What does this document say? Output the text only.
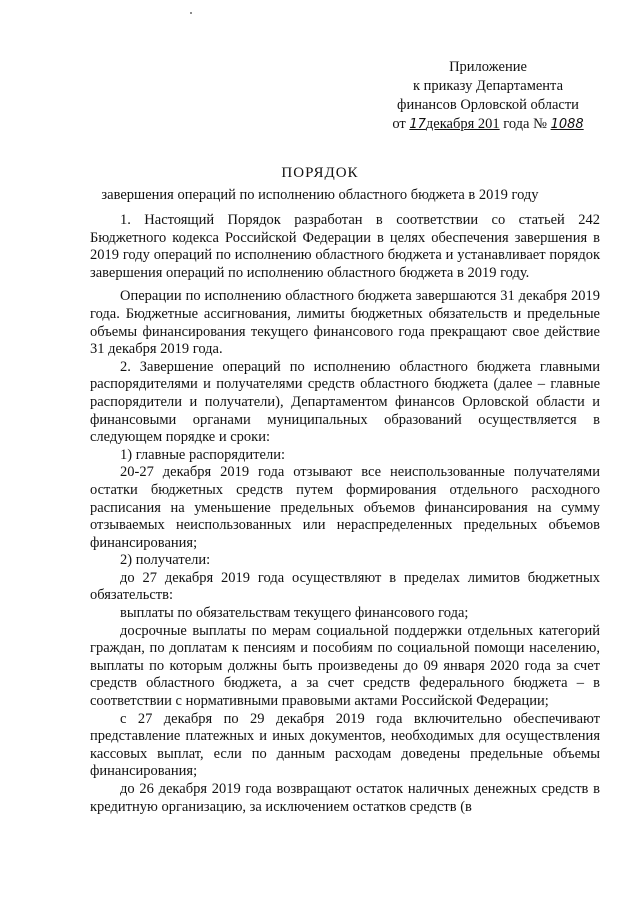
Приложение
к приказу Департамента
финансов Орловской области
от 17декабря 201 года № 1088
ПОРЯДОК
завершения операций по исполнению областного бюджета в 2019 году

1. Настоящий Порядок разработан в соответствии со статьей 242 Бюджетного кодекса Российской Федерации в целях обеспечения завершения в 2019 году операций по исполнению областного бюджета и устанавливает порядок завершения операций по исполнению областного бюджета в 2019 году.

Операции по исполнению областного бюджета завершаются 31 декабря 2019 года. Бюджетные ассигнования, лимиты бюджетных обязательств и предельные объемы финансирования текущего финансового года прекращают свое действие 31 декабря 2019 года.

2. Завершение операций по исполнению областного бюджета главными распорядителями и получателями средств областного бюджета (далее – главные распорядители и получатели), Департаментом финансов Орловской области и финансовыми органами муниципальных образований осуществляется в следующем порядке и сроки:

1) главные распорядители:

20-27 декабря 2019 года отзывают все неиспользованные получателями остатки бюджетных средств путем формирования отдельного расходного расписания на уменьшение предельных объемов финансирования на сумму отзываемых неиспользованных или нераспределенных предельных объемов финансирования;

2) получатели:

до 27 декабря 2019 года осуществляют в пределах лимитов бюджетных обязательств:

выплаты по обязательствам текущего финансового года;

досрочные выплаты по мерам социальной поддержки отдельных категорий граждан, по доплатам к пенсиям и пособиям по социальной помощи населению, выплаты по которым должны быть произведены до 09 января 2020 года за счет средств областного бюджета, а за счет средств федерального бюджета – в соответствии с нормативными правовыми актами Российской Федерации;

с 27 декабря по 29 декабря 2019 года включительно обеспечивают представление платежных и иных документов, необходимых для осуществления кассовых выплат, если по данным расходам доведены предельные объемы финансирования;

до 26 декабря 2019 года возвращают остаток наличных денежных средств в кредитную организацию, за исключением остатков средств (в
